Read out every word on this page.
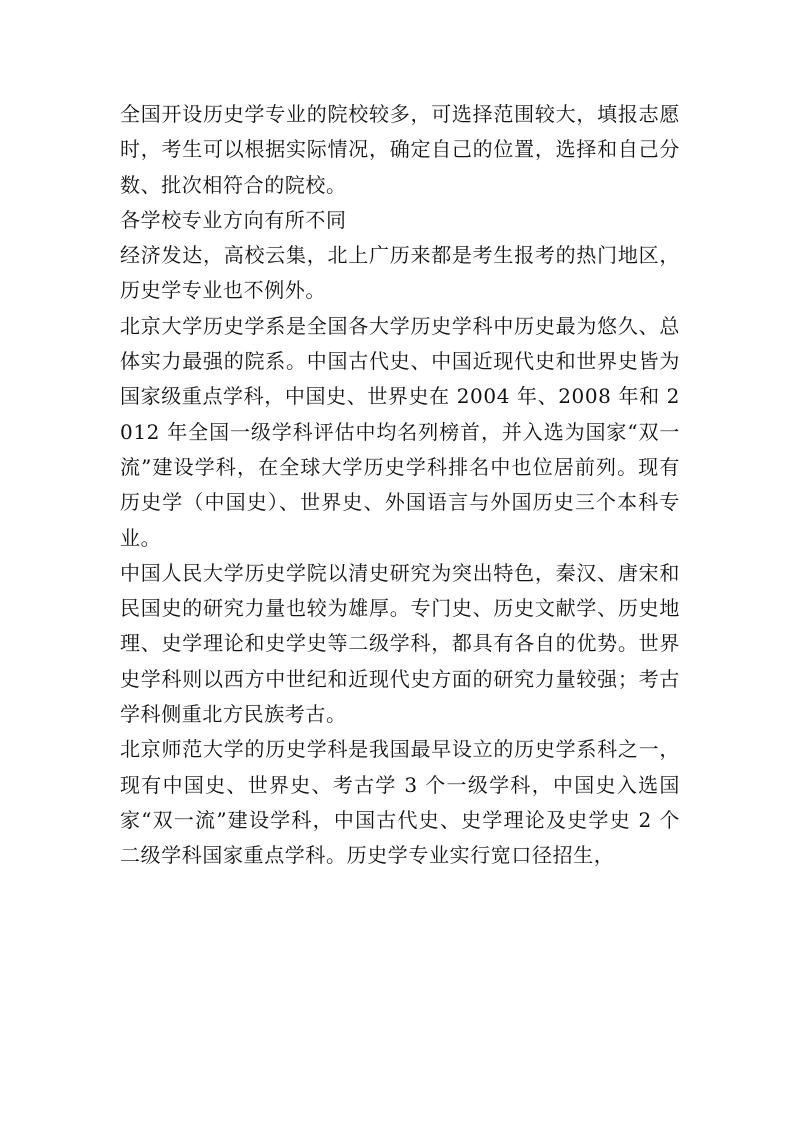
全国开设历史学专业的院校较多，可选择范围较大，填报志愿时，考生可以根据实际情况，确定自己的位置，选择和自己分数、批次相符合的院校。

各学校专业方向有所不同

经济发达，高校云集，北上广历来都是考生报考的热门地区，历史学专业也不例外。

北京大学历史学系是全国各大学历史学科中历史最为悠久、总体实力最强的院系。中国古代史、中国近现代史和世界史皆为国家级重点学科，中国史、世界史在 2004 年、2008 年和 2012 年全国一级学科评估中均名列榜首，并入选为国家“双一流”建设学科，在全球大学历史学科排名中也位居前列。现有历史学（中国史）、世界史、外国语言与外国历史三个本科专业。

中国人民大学历史学院以清史研究为突出特色，秦汉、唐宋和民国史的研究力量也较为雄厚。专门史、历史文献学、历史地理、史学理论和史学史等二级学科，都具有各自的优势。世界史学科则以西方中世纪和近现代史方面的研究力量较强；考古学科侧重北方民族考古。

北京师范大学的历史学科是我国最早设立的历史学系科之一，现有中国史、世界史、考古学 3 个一级学科，中国史入选国家“双一流”建设学科，中国古代史、史学理论及史学史 2 个二级学科国家重点学科。历史学专业实行宽口径招生，
